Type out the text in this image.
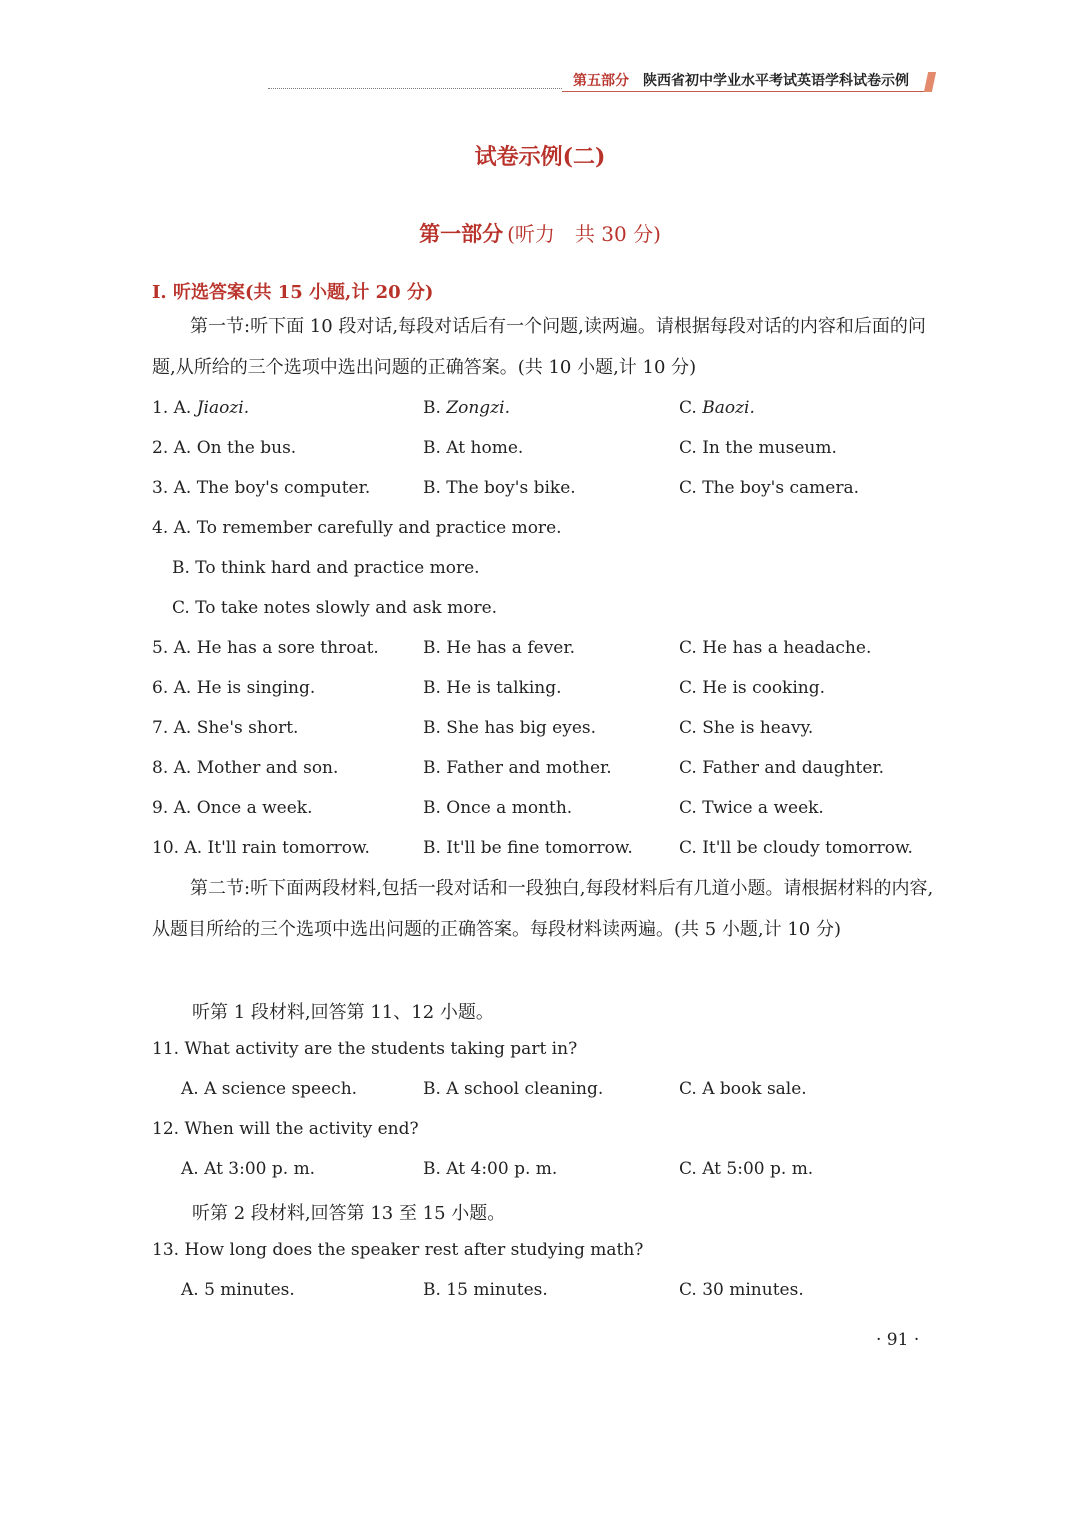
第五部分 陕西省初中学业水平考试英语学科试卷示例
试卷示例(二)
第一部分 (听力　共 30 分)
Ⅰ. 听选答案(共 15 小题,计 20 分)

第一节:听下面 10 段对话,每段对话后有一个问题,读两遍。请根据每段对话的内容和后面的问题,从所给的三个选项中选出问题的正确答案。(共 10 小题,计 10 分)

1. A. Jiaozi.	B. Zongzi.	C. Baozi.
2. A. On the bus.	B. At home.	C. In the museum.
3. A. The boy's computer.	B. The boy's bike.	C. The boy's camera.
4. A. To remember carefully and practice more.
B. To think hard and practice more.
C. To take notes slowly and ask more.
5. A. He has a sore throat.	B. He has a fever.	C. He has a headache.
6. A. He is singing.	B. He is talking.	C. He is cooking.
7. A. She's short.	B. She has big eyes.	C. She is heavy.
8. A. Mother and son.	B. Father and mother.	C. Father and daughter.
9. A. Once a week.	B. Once a month.	C. Twice a week.
10. A. It'll rain tomorrow.	B. It'll be fine tomorrow.	C. It'll be cloudy tomorrow.

第二节:听下面两段材料,包括一段对话和一段独白,每段材料后有几道小题。请根据材料的内容,从题目所给的三个选项中选出问题的正确答案。每段材料读两遍。(共 5 小题,计 10 分)

听第 1 段材料,回答第 11、12 小题。
11. What activity are the students taking part in?
A. A science speech.	B. A school cleaning.	C. A book sale.
12. When will the activity end?
A. At 3:00 p. m.	B. At 4:00 p. m.	C. At 5:00 p. m.
听第 2 段材料,回答第 13 至 15 小题。
13. How long does the speaker rest after studying math?
A. 5 minutes.	B. 15 minutes.	C. 30 minutes.
· 91 ·
